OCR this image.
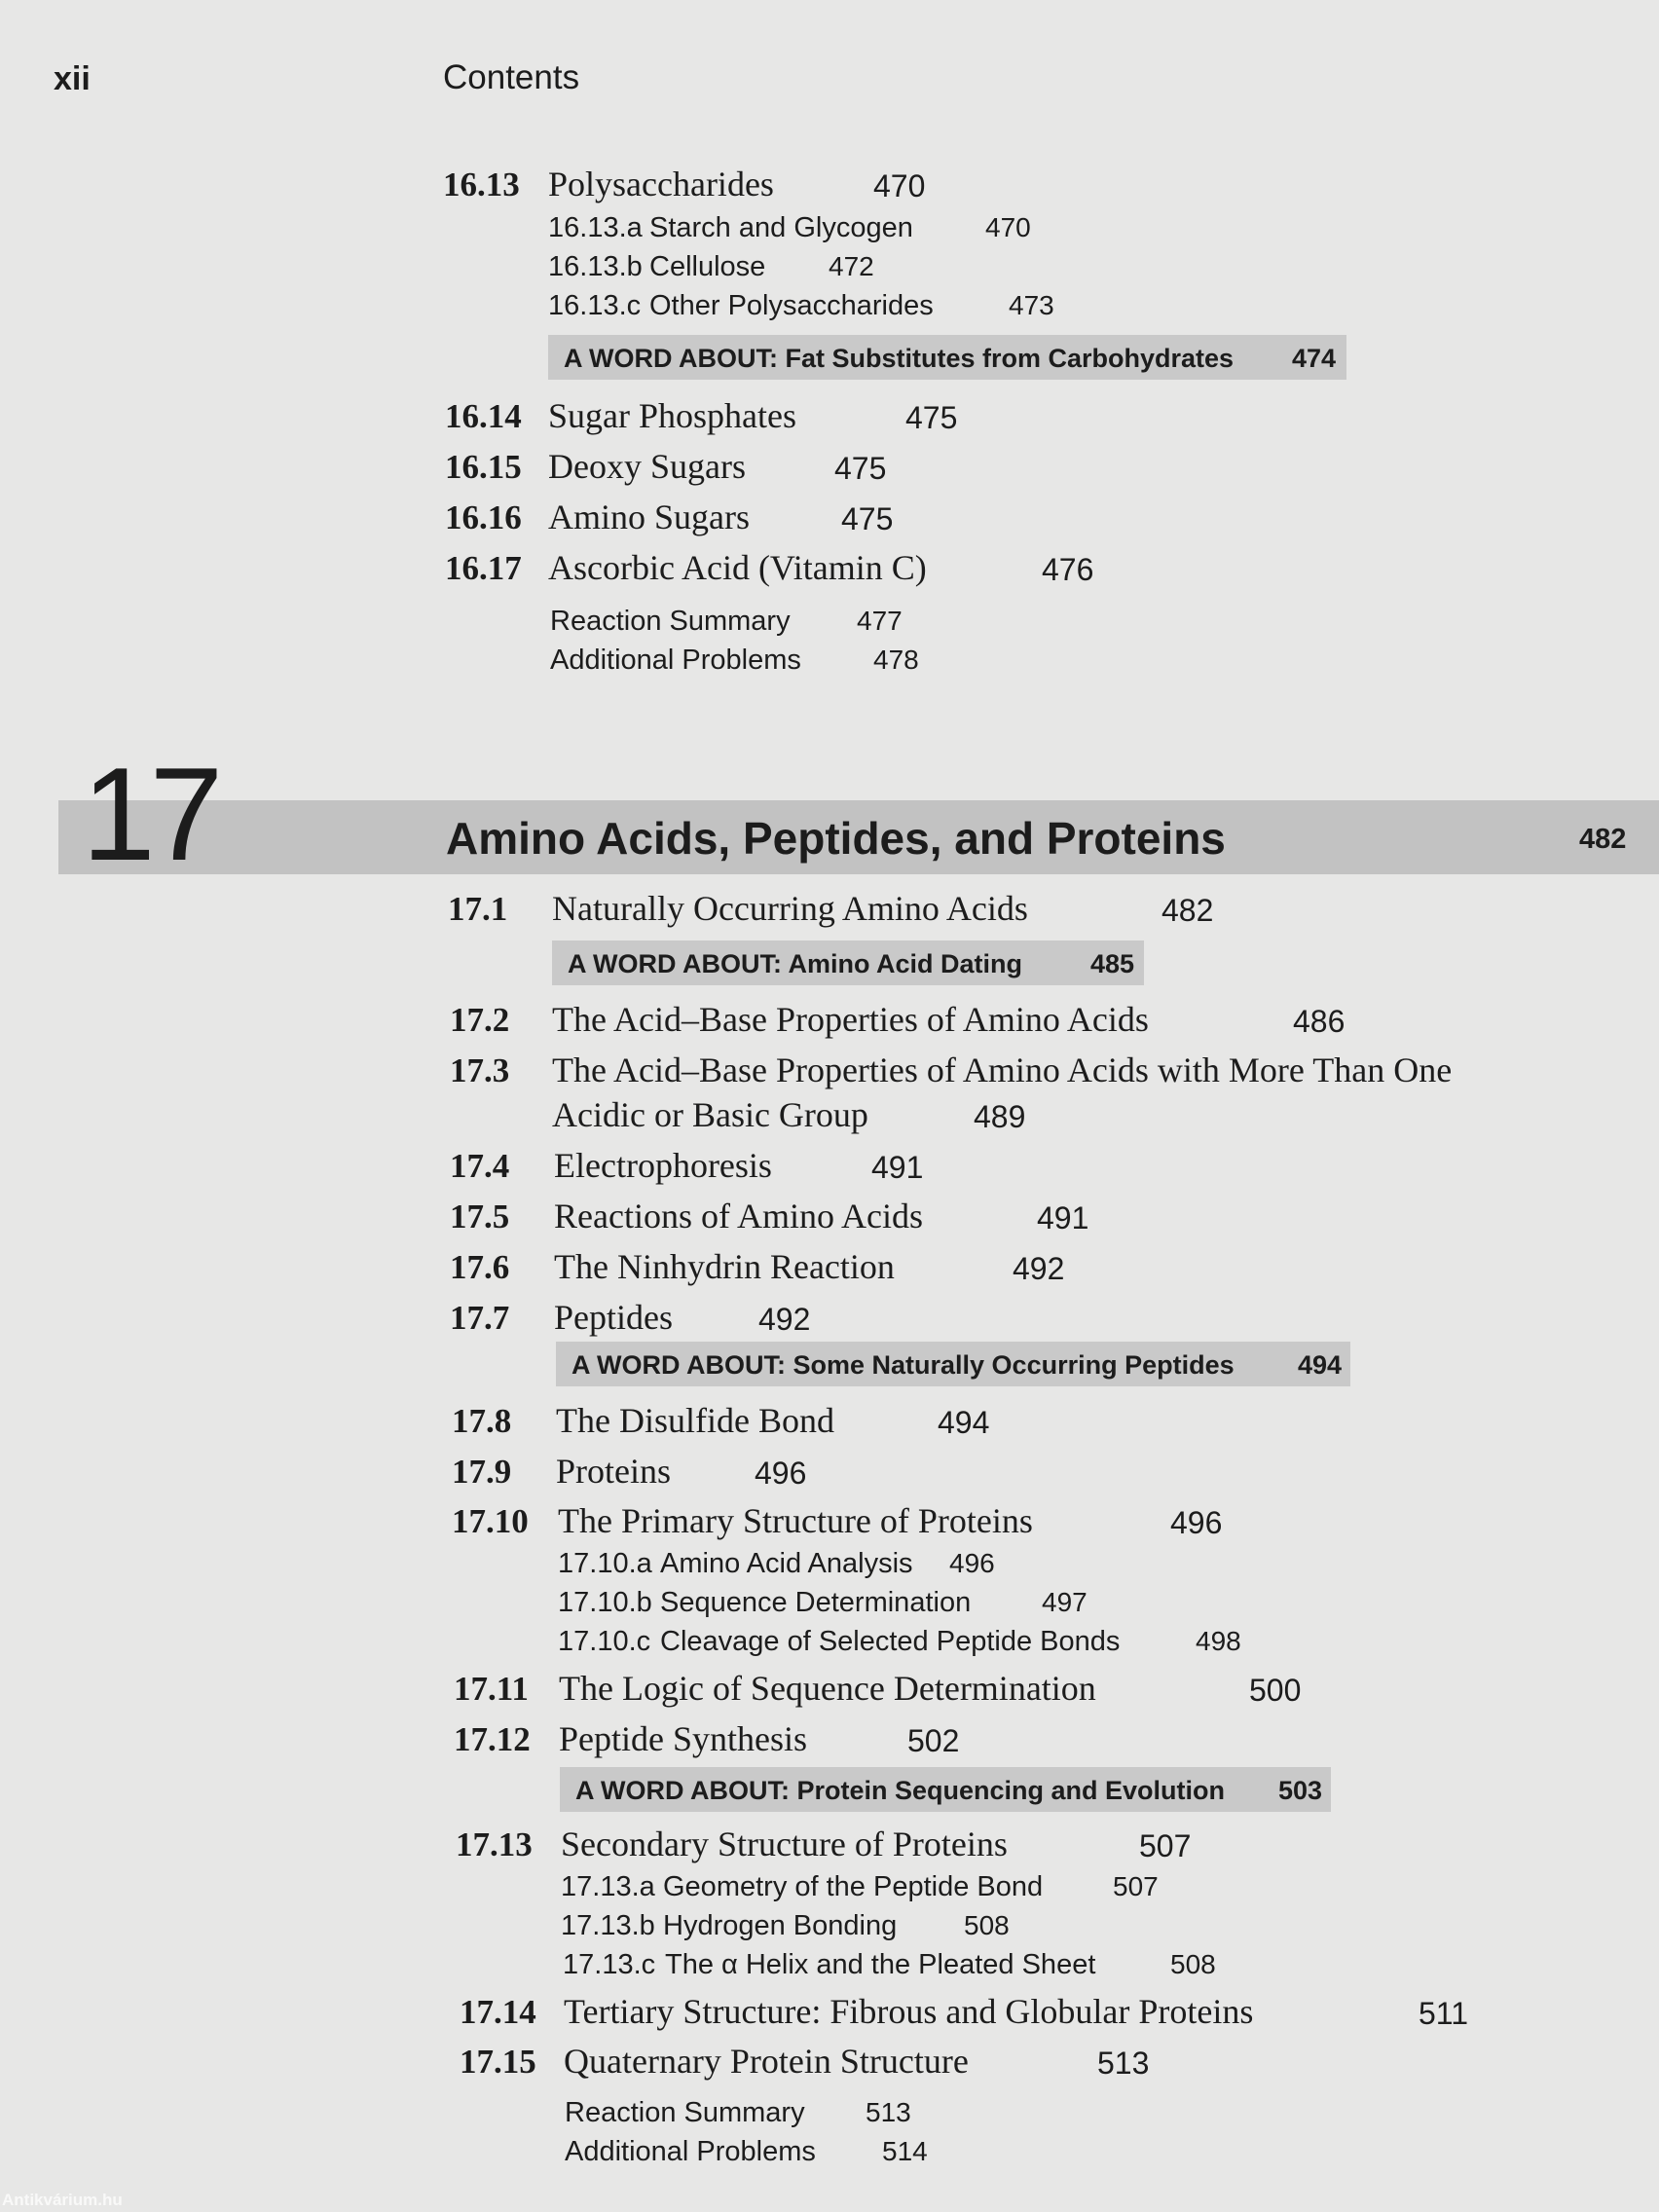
xii	Contents
16.13 Polysaccharides	470
16.13.a Starch and Glycogen	470
16.13.b Cellulose 472
16.13.c Other Polysaccharides	473
A WORD ABOUT: Fat Substitutes from Carbohydrates 474
16.14 Sugar Phosphates	475
16.15 Deoxy Sugars	475
16.16 Amino Sugars	475
16.17 Ascorbic Acid (Vitamin C)	476
Reaction Summary 477
Additional Problems	478
17	Amino Acids, Peptides, and Proteins	482
17.1 Naturally Occurring Amino Acids	482
A WORD ABOUT: Amino Acid Dating	485
17.2 The Acid–Base Properties of Amino Acids	486
17.3 The Acid–Base Properties of Amino Acids with More Than One
Acidic or Basic Group	489
17.4 Electrophoresis	491
17.5 Reactions of Amino Acids	491
17.6 The Ninhydrin Reaction	492
17.7 Peptides	492
A WORD ABOUT: Some Naturally Occurring Peptides 494
17.8 The Disulfide Bond	494
17.9 Proteins	496
17.10 The Primary Structure of Proteins	496
17.10.a Amino Acid Analysis 496
17.10.b Sequence Determination	497
17.10.c Cleavage of Selected Peptide Bonds	498
17.11 The Logic of Sequence Determination	500
17.12 Peptide Synthesis	502
A WORD ABOUT: Protein Sequencing and Evolution 503
17.13 Secondary Structure of Proteins	507
17.13.a Geometry of the Peptide Bond	507
17.13.b Hydrogen Bonding 508
17.13.c The α Helix and the Pleated Sheet	508
17.14 Tertiary Structure: Fibrous and Globular Proteins	511
17.15 Quaternary Protein Structure	513
Reaction Summary 513
Additional Problems 514
Antikvárium.hu
